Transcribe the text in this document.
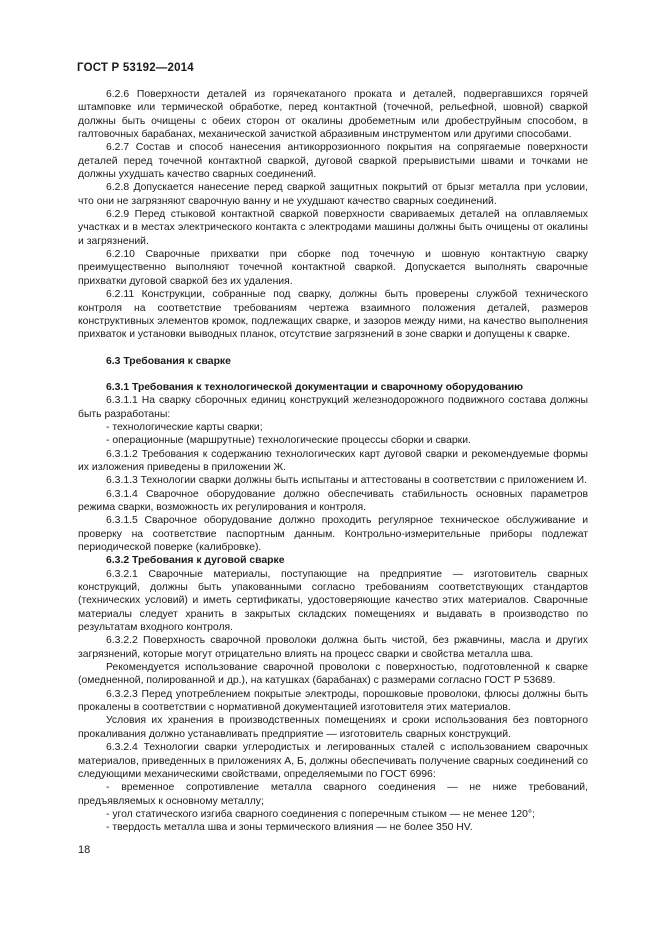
ГОСТ Р 53192—2014

6.2.6 Поверхности деталей из горячекатаного проката и деталей, подвергавшихся горячей штамповке или термической обработке, перед контактной (точечной, рельефной, шовной) сваркой должны быть очищены с обеих сторон от окалины дробеметным или дробеструйным способом, в галтовочных барабанах, механической зачисткой абразивным инструментом или другими способами.

6.2.7 Состав и способ нанесения антикоррозионного покрытия на сопрягаемые поверхности деталей перед точечной контактной сваркой, дуговой сваркой прерывистыми швами и точками не должны ухудшать качество сварных соединений.

6.2.8 Допускается нанесение перед сваркой защитных покрытий от брызг металла при условии, что они не загрязняют сварочную ванну и не ухудшают качество сварных соединений.

6.2.9 Перед стыковой контактной сваркой поверхности свариваемых деталей на оплавляемых участках и в местах электрического контакта с электродами машины должны быть очищены от окалины и загрязнений.

6.2.10 Сварочные прихватки при сборке под точечную и шовную контактную сварку преимущественно выполняют точечной контактной сваркой. Допускается выполнять сварочные прихватки дуговой сваркой без их удаления.

6.2.11 Конструкции, собранные под сварку, должны быть проверены службой технического контроля на соответствие требованиям чертежа взаимного положения деталей, размеров конструктивных элементов кромок, подлежащих сварке, и зазоров между ними, на качество выполнения прихваток и установки выводных планок, отсутствие загрязнений в зоне сварки и допущены к сварке.

6.3 Требования к сварке

6.3.1 Требования к технологической документации и сварочному оборудованию

6.3.1.1 На сварку сборочных единиц конструкций железнодорожного подвижного состава должны быть разработаны:

- технологические карты сварки;

- операционные (маршрутные) технологические процессы сборки и сварки.

6.3.1.2 Требования к содержанию технологических карт дуговой сварки и рекомендуемые формы их изложения приведены в приложении Ж.

6.3.1.3 Технологии сварки должны быть испытаны и аттестованы в соответствии с приложением И.

6.3.1.4 Сварочное оборудование должно обеспечивать стабильность основных параметров режима сварки, возможность их регулирования и контроля.

6.3.1.5 Сварочное оборудование должно проходить регулярное техническое обслуживание и проверку на соответствие паспортным данным. Контрольно-измерительные приборы подлежат периодической поверке (калибровке).

6.3.2 Требования к дуговой сварке

6.3.2.1 Сварочные материалы, поступающие на предприятие — изготовитель сварных конструкций, должны быть упакованными согласно требованиям соответствующих стандартов (технических условий) и иметь сертификаты, удостоверяющие качество этих материалов. Сварочные материалы следует хранить в закрытых складских помещениях и выдавать в производство по результатам входного контроля.

6.3.2.2 Поверхность сварочной проволоки должна быть чистой, без ржавчины, масла и других загрязнений, которые могут отрицательно влиять на процесс сварки и свойства металла шва.

Рекомендуется использование сварочной проволоки с поверхностью, подготовленной к сварке (омедненной, полированной и др.), на катушках (барабанах) с размерами согласно ГОСТ Р 53689.

6.3.2.3 Перед употреблением покрытые электроды, порошковые проволоки, флюсы должны быть прокалены в соответствии с нормативной документацией изготовителя этих материалов.

Условия их хранения в производственных помещениях и сроки использования без повторного прокаливания должно устанавливать предприятие — изготовитель сварных конструкций.

6.3.2.4 Технологии сварки углеродистых и легированных сталей с использованием сварочных материалов, приведенных в приложениях А, Б, должны обеспечивать получение сварных соединений со следующими механическими свойствами, определяемыми по ГОСТ 6996:

- временное сопротивление металла сварного соединения — не ниже требований, предъявляемых к основному металлу;

- угол статического изгиба сварного соединения с поперечным стыком — не менее 120°;

- твердость металла шва и зоны термического влияния — не более 350 HV.

18
